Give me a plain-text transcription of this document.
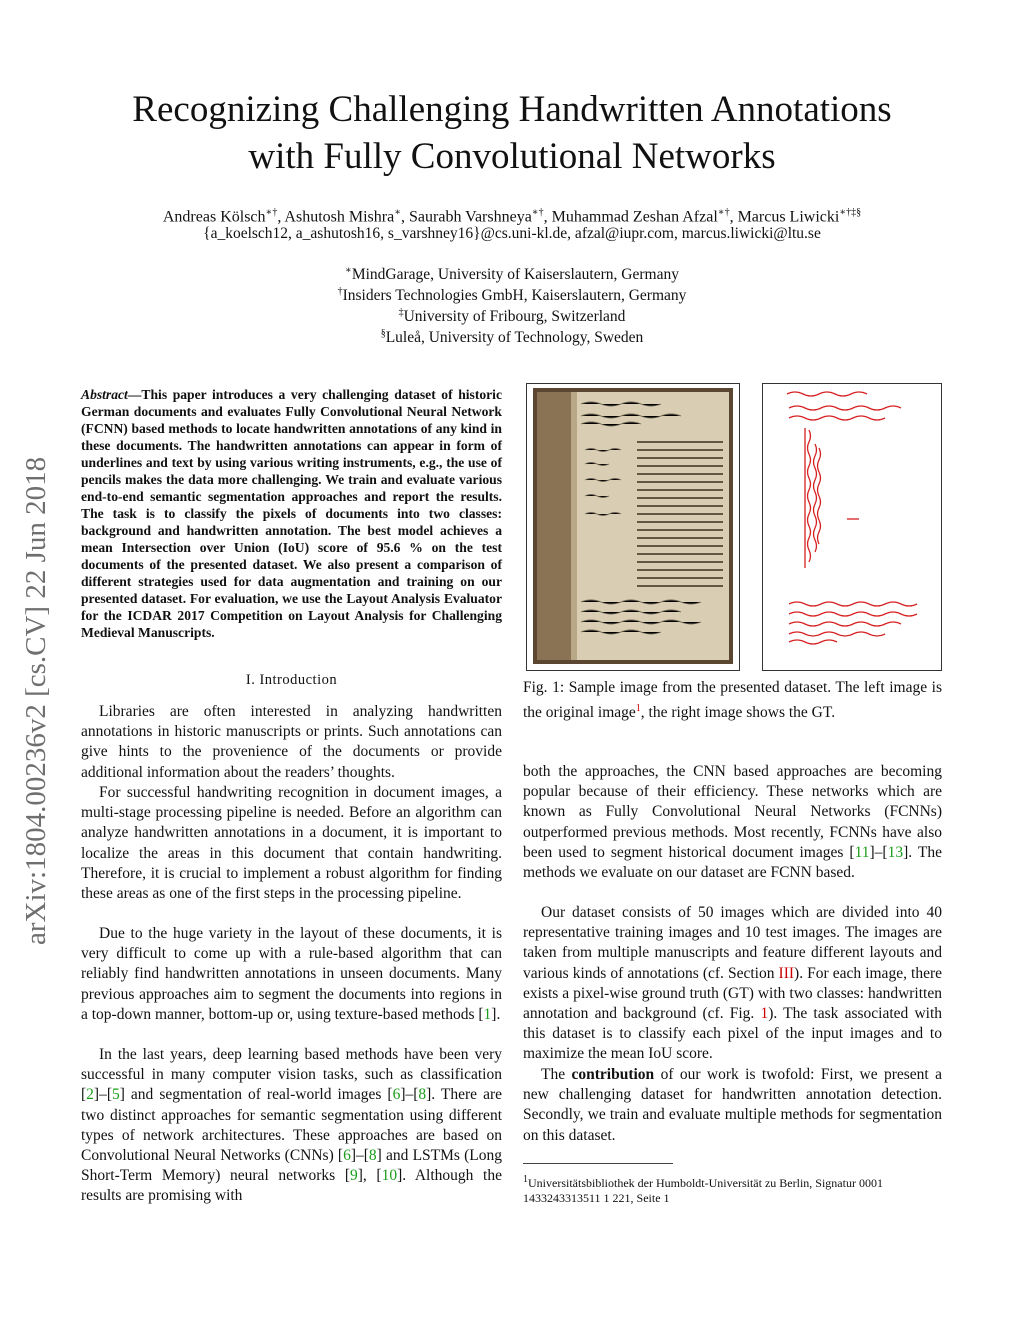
arXiv:1804.00236v2 [cs.CV] 22 Jun 2018
Recognizing Challenging Handwritten Annotations
with Fully Convolutional Networks
Andreas Kölsch∗†, Ashutosh Mishra∗, Saurabh Varshneya∗†, Muhammad Zeshan Afzal∗†, Marcus Liwicki∗†‡§
{a_koelsch12, a_ashutosh16, s_varshney16}@cs.uni-kl.de, afzal@iupr.com, marcus.liwicki@ltu.se
∗MindGarage, University of Kaiserslautern, Germany
†Insiders Technologies GmbH, Kaiserslautern, Germany
‡University of Fribourg, Switzerland
§Luleå, University of Technology, Sweden
Abstract—This paper introduces a very challenging dataset of historic German documents and evaluates Fully Convolutional Neural Network (FCNN) based methods to locate handwritten annotations of any kind in these documents. The handwritten annotations can appear in form of underlines and text by using various writing instruments, e.g., the use of pencils makes the data more challenging. We train and evaluate various end-to-end semantic segmentation approaches and report the results. The task is to classify the pixels of documents into two classes: background and handwritten annotation. The best model achieves a mean Intersection over Union (IoU) score of 95.6 % on the test documents of the presented dataset. We also present a comparison of different strategies used for data augmentation and training on our presented dataset. For evaluation, we use the Layout Analysis Evaluator for the ICDAR 2017 Competition on Layout Analysis for Challenging Medieval Manuscripts.
I. Introduction

Libraries are often interested in analyzing handwritten annotations in historic manuscripts or prints. Such annotations can give hints to the provenience of the documents or provide additional information about the readers’ thoughts.

For successful handwriting recognition in document images, a multi-stage processing pipeline is needed. Before an algorithm can analyze handwritten annotations in a document, it is important to localize the areas in this document that contain handwriting. Therefore, it is crucial to implement a robust algorithm for finding these areas as one of the first steps in the processing pipeline.

Due to the huge variety in the layout of these documents, it is very difficult to come up with a rule-based algorithm that can reliably find handwritten annotations in unseen documents. Many previous approaches aim to segment the documents into regions in a top-down manner, bottom-up or, using texture-based methods [1].

In the last years, deep learning based methods have been very successful in many computer vision tasks, such as classification [2]–[5] and segmentation of real-world images [6]–[8]. There are two distinct approaches for semantic segmentation using different types of network architectures. These approaches are based on Convolutional Neural Networks (CNNs) [6]–[8] and LSTMs (Long Short-Term Memory) neural networks [9], [10]. Although the results are promising with

Fig. 1: Sample image from the presented dataset. The left image is the original image$^1$, the right image shows the GT.

both the approaches, the CNN based approaches are becoming popular because of their efficiency. These networks which are known as Fully Convolutional Neural Networks (FCNNs) outperformed previous methods. Most recently, FCNNs have also been used to segment historical document images [11]–[13]. The methods we evaluate on our dataset are FCNN based.

Our dataset consists of 50 images which are divided into 40 representative training images and 10 test images. The images are taken from multiple manuscripts and feature different layouts and various kinds of annotations (cf. Section III). For each image, there exists a pixel-wise ground truth (GT) with two classes: handwritten annotation and background (cf. Fig. 1). The task associated with this dataset is to classify each pixel of the input images and to maximize the mean IoU score.

The contribution of our work is twofold: First, we present a new challenging dataset for handwritten annotation detection. Secondly, we train and evaluate multiple methods for segmentation on this dataset.

$^1$Universitätsbibliothek der Humboldt-Universität zu Berlin, Signatur 0001 1433243313511 1 221, Seite 1
